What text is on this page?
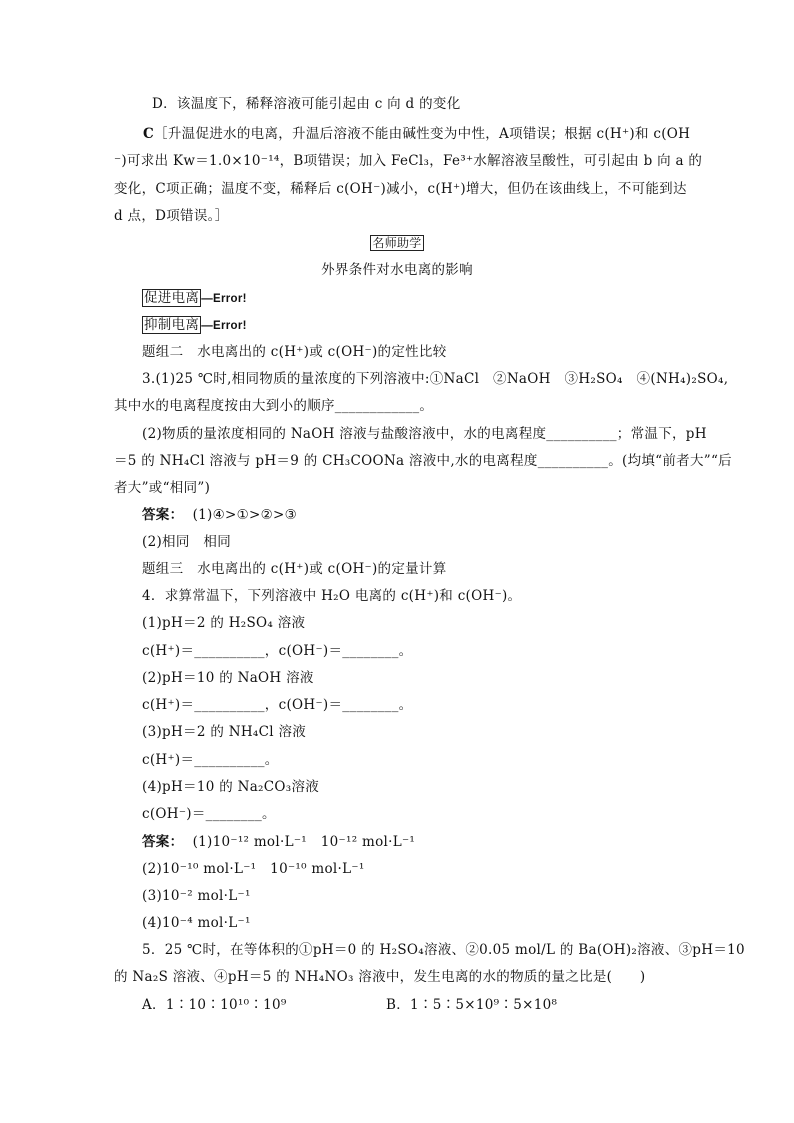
D．该温度下，稀释溶液可能引起由 c 向 d 的变化
C［升温促进水的电离，升温后溶液不能由碱性变为中性，A项错误；根据 c(H⁺)和 c(OH
⁻)可求出 Kw＝1.0×10⁻¹⁴，B项错误；加入 FeCl₃，Fe³⁺水解溶液呈酸性，可引起由 b 向 a 的
变化，C项正确；温度不变，稀释后 c(OH⁻)减小，c(H⁺)增大，但仍在该曲线上，不可能到达
d 点，D项错误。］
名师助学
外界条件对水电离的影响
促进电离 —Error!
抑制电离 —Error!
题组二　水电离出的 c(H⁺)或 c(OH⁻)的定性比较
3.(1)25 ℃时,相同物质的量浓度的下列溶液中:①NaCl　②NaOH　③H₂SO₄　④(NH₄)₂SO₄,
其中水的电离程度按由大到小的顺序____________。
(2)物质的量浓度相同的 NaOH 溶液与盐酸溶液中，水的电离程度__________；常温下，pH
＝5 的 NH₄Cl 溶液与 pH＝9 的 CH₃COONa 溶液中,水的电离程度__________。(均填“前者大”“后
者大”或“相同”)
答案： (1)④>①>②>③
(2)相同　相同
题组三　水电离出的 c(H⁺)或 c(OH⁻)的定量计算
4．求算常温下，下列溶液中 H₂O 电离的 c(H⁺)和 c(OH⁻)。
(1)pH＝2 的 H₂SO₄ 溶液
c(H⁺)＝__________，c(OH⁻)＝________。
(2)pH＝10 的 NaOH 溶液
c(H⁺)＝__________，c(OH⁻)＝________。
(3)pH＝2 的 NH₄Cl 溶液
c(H⁺)＝__________。
(4)pH＝10 的 Na₂CO₃溶液
c(OH⁻)＝________。
答案： (1)10⁻¹² mol·L⁻¹　10⁻¹² mol·L⁻¹
(2)10⁻¹⁰ mol·L⁻¹　10⁻¹⁰ mol·L⁻¹
(3)10⁻² mol·L⁻¹
(4)10⁻⁴ mol·L⁻¹
5．25 ℃时，在等体积的①pH＝0 的 H₂SO₄溶液、②0.05 mol/L 的 Ba(OH)₂溶液、③pH＝10
的 Na₂S 溶液、④pH＝5 的 NH₄NO₃ 溶液中，发生电离的水的物质的量之比是(　　)
A．1∶10∶10¹⁰∶10⁹	B．1∶5∶5×10⁹∶5×10⁸
